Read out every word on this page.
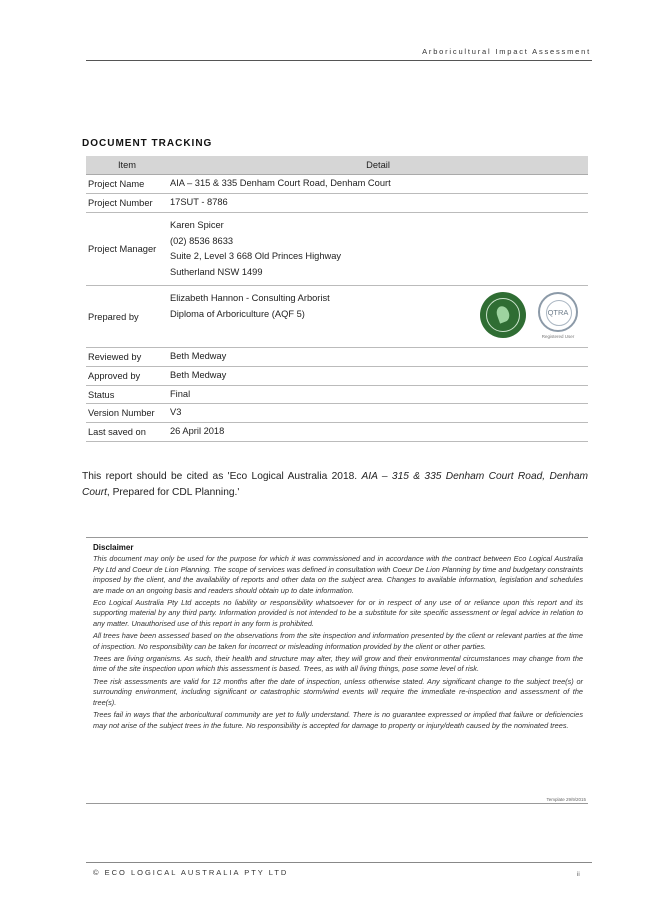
Arboricultural Impact Assessment
DOCUMENT TRACKING
Item	Detail
Project Name	AIA – 315 & 335 Denham Court Road, Denham Court

Project Number	17SUT - 8786

Project Manager	Karen Spicer
(02) 8536 8633
Suite 2, Level 3 668 Old Princes Highway
Sutherland NSW 1499

Prepared by	Elizabeth Hannon - Consulting Arborist
Diploma of Arboriculture (AQF 5) QTRA
Registered User

Reviewed by	Beth Medway

Approved by	Beth Medway

Status	Final

Version Number	V3

Last saved on	26 April 2018
This report should be cited as 'Eco Logical Australia 2018. AIA – 315 & 335 Denham Court Road, Denham Court, Prepared for CDL Planning.'
Disclaimer

This document may only be used for the purpose for which it was commissioned and in accordance with the contract between Eco Logical Australia Pty Ltd and Coeur de Lion Planning. The scope of services was defined in consultation with Coeur De Lion Planning by time and budgetary constraints imposed by the client, and the availability of reports and other data on the subject area. Changes to available information, legislation and schedules are made on an ongoing basis and readers should obtain up to date information.

Eco Logical Australia Pty Ltd accepts no liability or responsibility whatsoever for or in respect of any use of or reliance upon this report and its supporting material by any third party. Information provided is not intended to be a substitute for site specific assessment or legal advice in relation to any matter. Unauthorised use of this report in any form is prohibited.

All trees have been assessed based on the observations from the site inspection and information presented by the client or relevant parties at the time of inspection. No responsibility can be taken for incorrect or misleading information provided by the client or other parties.

Trees are living organisms. As such, their health and structure may alter, they will grow and their environmental circumstances may change from the time of the site inspection upon which this assessment is based. Trees, as with all living things, pose some level of risk.

Tree risk assessments are valid for 12 months after the date of inspection, unless otherwise stated. Any significant change to the subject tree(s) or surrounding environment, including significant or catastrophic storm/wind events will require the immediate re-inspection and assessment of the tree(s).

Trees fail in ways that the arboricultural community are yet to fully understand. There is no guarantee expressed or implied that failure or deficiencies may not arise of the subject trees in the future. No responsibility is accepted for damage to property or injury/death caused by the nominated trees.

Template 29/9/2015
© ECO LOGICAL AUSTRALIA PTY LTD	ii
